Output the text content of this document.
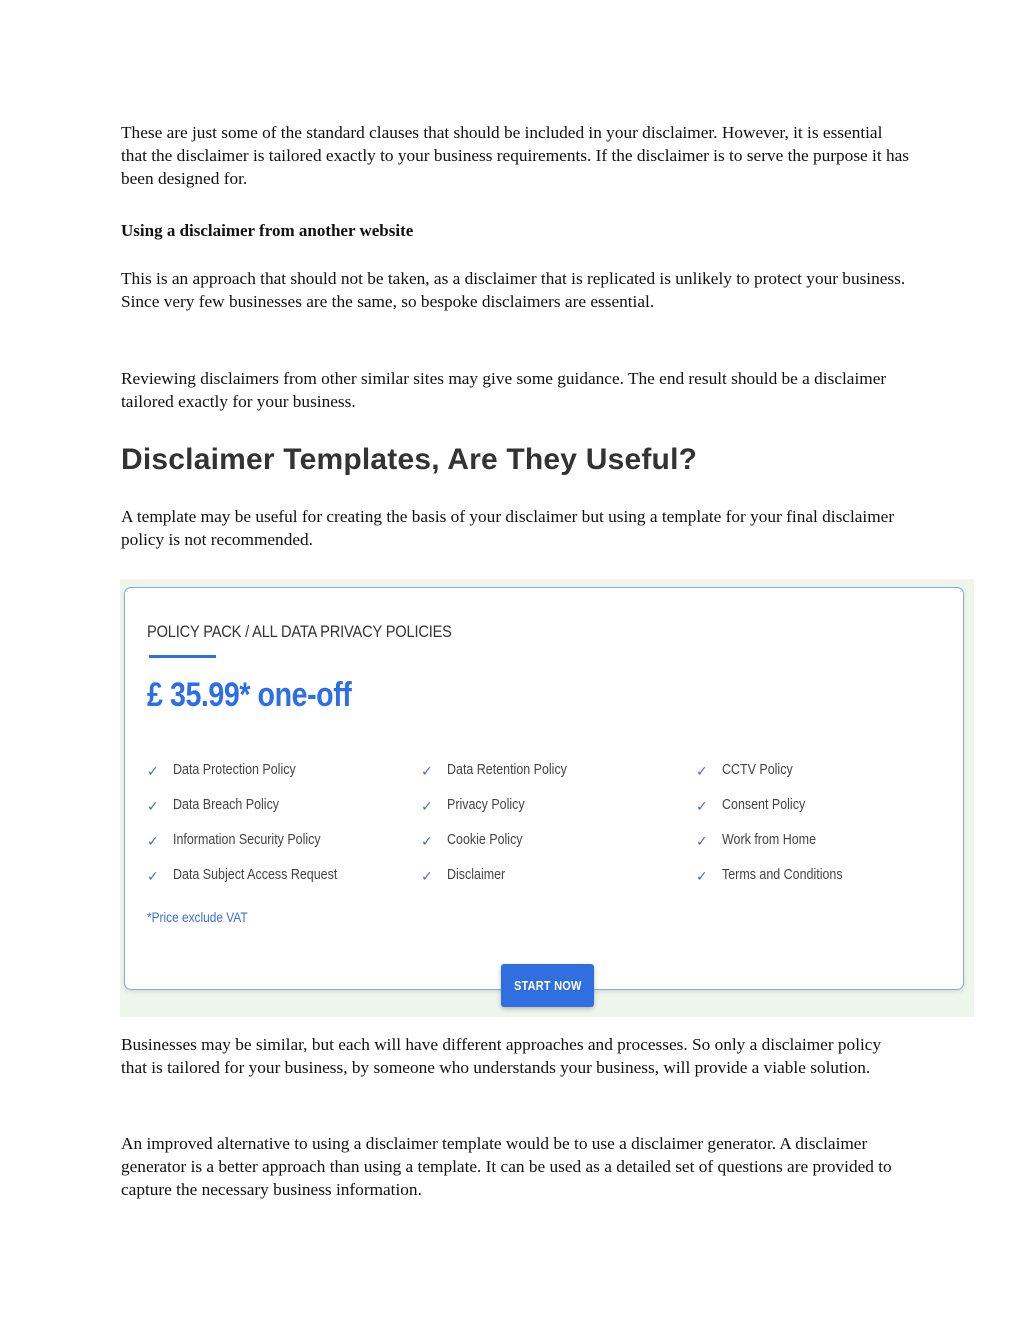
These are just some of the standard clauses that should be included in your disclaimer. However, it is essential that the disclaimer is tailored exactly to your business requirements. If the disclaimer is to serve the purpose it has been designed for.

Using a disclaimer from another website

This is an approach that should not be taken, as a disclaimer that is replicated is unlikely to protect your business. Since very few businesses are the same, so bespoke disclaimers are essential.

Reviewing disclaimers from other similar sites may give some guidance. The end result should be a disclaimer tailored exactly for your business.

Disclaimer Templates, Are They Useful?

A template may be useful for creating the basis of your disclaimer but using a template for your final disclaimer policy is not recommended.

POLICY PACK / ALL DATA PRIVACY POLICIES

£ 35.99* one-off

✓ Data Protection Policy
✓ Data Breach Policy
✓ Information Security Policy
✓ Data Subject Access Request
✓ Data Retention Policy
✓ Privacy Policy
✓ Cookie Policy
✓ Disclaimer
✓ CCTV Policy
✓ Consent Policy
✓ Work from Home
✓ Terms and Conditions

*Price exclude VAT

START NOW

Businesses may be similar, but each will have different approaches and processes. So only a disclaimer policy that is tailored for your business, by someone who understands your business, will provide a viable solution.

An improved alternative to using a disclaimer template would be to use a disclaimer generator. A disclaimer generator is a better approach than using a template. It can be used as a detailed set of questions are provided to capture the necessary business information.
